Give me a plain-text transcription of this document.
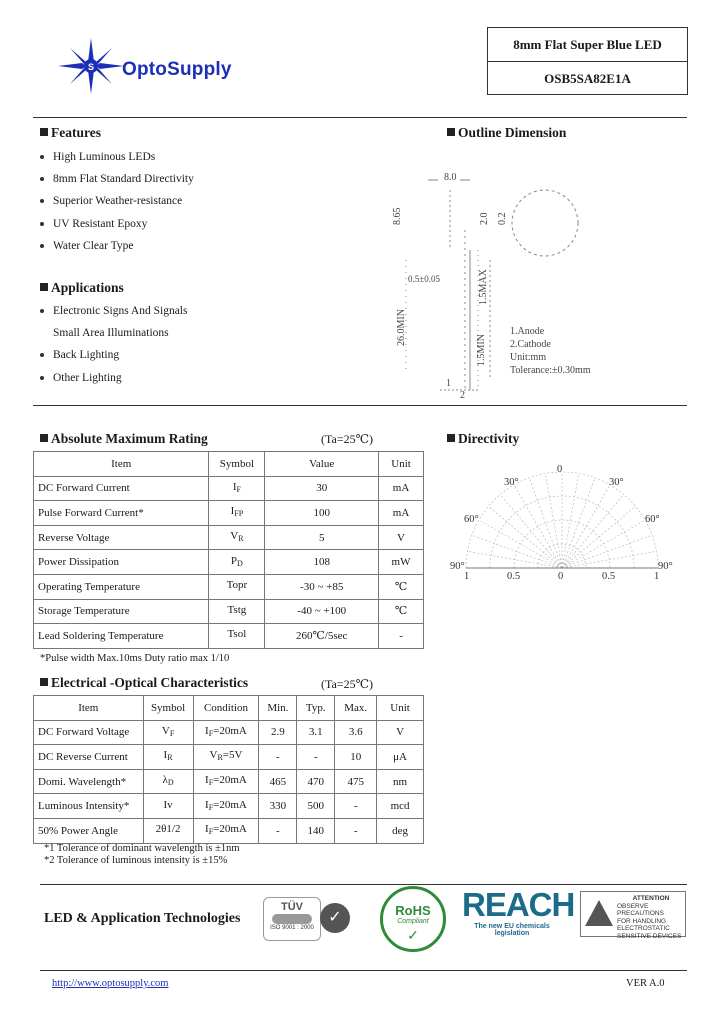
S OptoSupply
8mm Flat Super Blue LED
OSB5SA82E1A
Features
High Luminous LEDs
8mm Flat Standard Directivity
Superior Weather-resistance
UV Resistant Epoxy
Water Clear Type
Applications
Electronic Signs And Signals
Small Area Illuminations
Back Lighting
Other Lighting
Outline Dimension
8.0
8.65	2.0 0.2
0.5±0.05	1.5MAX
26.0MIN
1.5MIN
1
2
1.Anode
2.Cathode
Unit:mm
Tolerance:±0.30mm
Absolute Maximum Rating	(Ta=25℃)
Item	Symbol	Value	Unit
DC Forward Current	$I_F$	30	mA
Pulse Forward Current*	$I_{FP}$	100	mA
Reverse Voltage	$V_R$	5	V
Power Dissipation	$P_D$	108	mW
Operating Temperature	Topr	-30 ~ +85	℃
Storage Temperature	Tstg	-40 ~ +100	℃
Lead Soldering Temperature	Tsol	260℃/5sec	-
*Pulse width Max.10ms Duty ratio max 1/10
Electrical -Optical Characteristics	(Ta=25℃)
Item	Symbol	Condition	Min.	Typ.	Max.	Unit
DC Forward Voltage	$V_F$	$I_F=20mA$	2.9	3.1	3.6	V
DC Reverse Current	$I_R$	$V_R=5V$	-	-	10	μA
Domi. Wavelength*	$\lambda_D$	$I_F=20mA$	465	470	475	nm
Luminous Intensity*	Iv	$I_F=20mA$	330	500	-	mcd
50% Power Angle	2θ1/2	$I_F=20mA$	-	140	-	deg
*1 Tolerance of dominant wavelength is ±1nm
*2 Tolerance of luminous intensity is ±15%
Directivity
0
30°	30°
60°	60°
90°	90°
1	0.5	0	0.5	1
LED & Application Technologies
TÜV
ISO 9001 : 2000
✓	RoHS
Compliant
✓
REACH
The new EU chemicals legislation
ATTENTION
OBSERVE PRECAUTIONS
FOR HANDLING
ELECTROSTATIC
SENSITIVE DEVICES
http://www.optosupply.com	VER A.0
